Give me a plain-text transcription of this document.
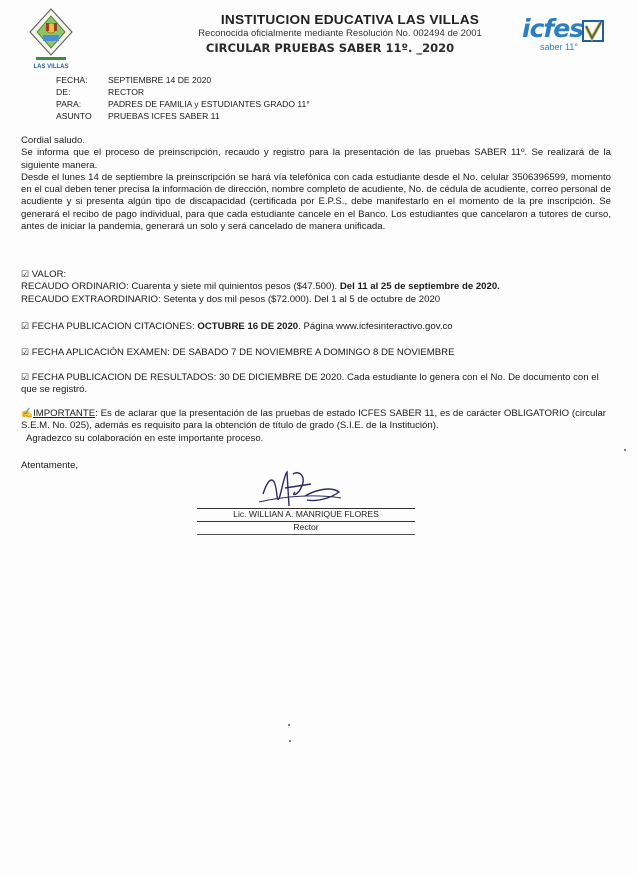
LAS VILLAS
INSTITUCION EDUCATIVA LAS VILLAS
Reconocida oficialmente mediante Resolución No. 002494 de 2001
CIRCULAR PRUEBAS SABER 11º. _2020
icfes
saber 11°
FECHA:	SEPTIEMBRE 14 DE 2020
DE:	RECTOR
PARA:	PADRES DE FAMILIA y ESTUDIANTES GRADO 11°
ASUNTO	PRUEBAS ICFES SABER 11

Cordial saludo.

Se informa que el proceso de preinscripción, recaudo y registro para la presentación de las pruebas SABER 11º. Se realizará de la siguiente manera.

Desde el lunes 14 de septiembre la preinscripción se hará vía telefónica con cada estudiante desde el No. celular 3506396599, momento en el cual deben tener precisa la información de dirección, nombre completo de acudiente, No. de cédula de acudiente, correo personal de acudiente y si presenta algún tipo de discapacidad (certificada por E.P.S., debe manifestarlo en el momento de la pre inscripción. Se generará el recibo de pago individual, para que cada estudiante cancele en el Banco. Los estudiantes que cancelaron a tutores de curso, antes de iniciar la pandemia, generará un solo y será cancelado de manera unificada.

☑ VALOR:
RECAUDO ORDINARIO: Cuarenta y siete mil quinientos pesos ($47.500). Del 11 al 25 de septiembre de 2020.
RECAUDO EXTRAORDINARIO: Setenta y dos mil pesos ($72.000). Del 1 al 5 de octubre de 2020
☑ FECHA PUBLICACION CITACIONES: OCTUBRE 16 DE 2020. Página www.icfesinteractivo.gov.co
☑ FECHA APLICACIÓN EXAMEN: DE SABADO 7 DE NOVIEMBRE A DOMINGO 8 DE NOVIEMBRE
☑ FECHA PUBLICACION DE RESULTADOS: 30 DE DICIEMBRE DE 2020. Cada estudiante lo genera con el No. De documento con el que se registró.
✍IMPORTANTE: Es de aclarar que la presentación de las pruebas de estado ICFES SABER 11, es de carácter OBLIGATORIO (circular S.E.M. No. 025), además es requisito para la obtención de título de grado (S.I.E. de la Institución).
Agradezco su colaboración en este importante proceso.
Atentamente,
Lic. WILLIAN A. MANRIQUE FLORES
Rector
